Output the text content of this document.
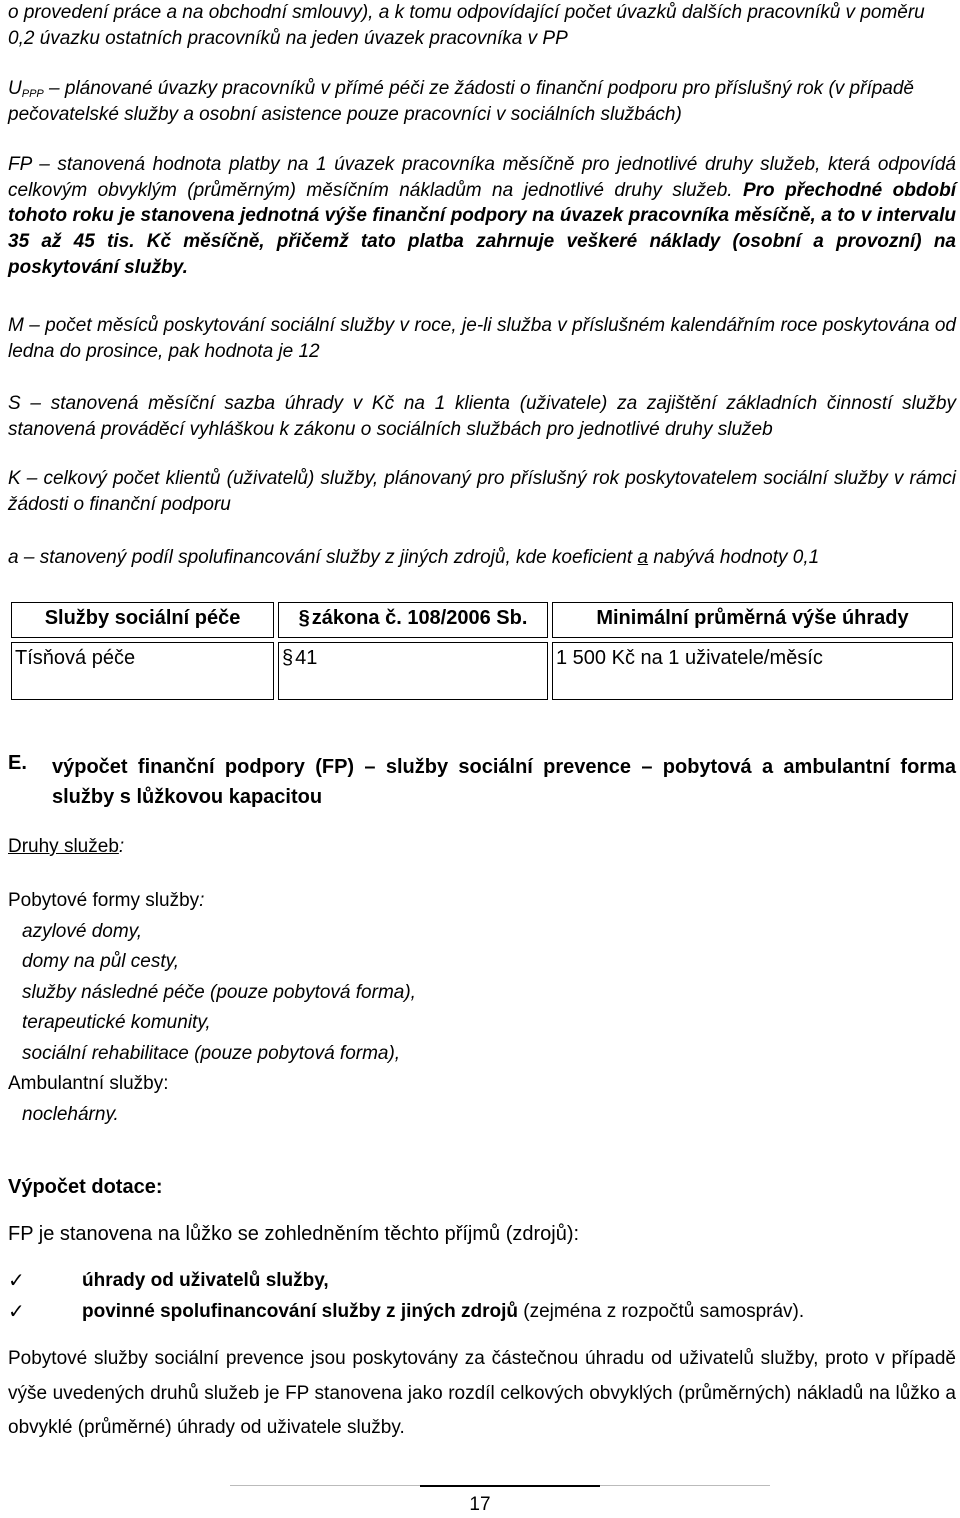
o provedení práce a na obchodní smlouvy), a k tomu odpovídající počet úvazků dalších pracovníků v poměru 0,2 úvazku ostatních pracovníků na jeden úvazek pracovníka v PP
$U_{PPP}$ – plánované úvazky pracovníků v přímé péči ze žádosti o finanční podporu pro příslušný rok (v případě pečovatelské služby a osobní asistence pouze pracovníci v sociálních službách)
FP – stanovená hodnota platby na 1 úvazek pracovníka měsíčně pro jednotlivé druhy služeb, která odpovídá celkovým obvyklým (průměrným) měsíčním nákladům na jednotlivé druhy služeb. Pro přechodné období tohoto roku je stanovena jednotná výše finanční podpory na úvazek pracovníka měsíčně, a to v intervalu 35 až 45 tis. Kč měsíčně, přičemž tato platba zahrnuje veškeré náklady (osobní a provozní) na poskytování služby.
M – počet měsíců poskytování sociální služby v roce, je-li služba v příslušném kalendářním roce poskytována od ledna do prosince, pak hodnota je 12
S – stanovená měsíční sazba úhrady v Kč na 1 klienta (uživatele) za zajištění základních činností služby stanovená prováděcí vyhláškou k zákonu o sociálních službách pro jednotlivé druhy služeb
K – celkový počet klientů (uživatelů) služby, plánovaný pro příslušný rok poskytovatelem sociální služby v rámci žádosti o finanční podporu
a – stanovený podíl spolufinancování služby z jiných zdrojů, kde koeficient a nabývá hodnoty 0,1
Služby sociální péče	§ zákona č. 108/2006 Sb.	Minimální průměrná výše úhrady
Tísňová péče	§ 41	1 500 Kč na 1 uživatele/měsíc
E. výpočet finanční podpory (FP) – služby sociální prevence – pobytová a ambulantní forma služby s lůžkovou kapacitou
Druhy služeb:
Pobytové formy služby:
azylové domy,
domy na půl cesty,
služby následné péče (pouze pobytová forma),
terapeutické komunity,
sociální rehabilitace (pouze pobytová forma),
Ambulantní služby:
noclehárny.
Výpočet dotace:
FP je stanovena na lůžko se zohledněním těchto příjmů (zdrojů):
✓	úhrady od uživatelů služby,
✓	povinné spolufinancování služby z jiných zdrojů (zejména z rozpočtů samospráv).
Pobytové služby sociální prevence jsou poskytovány za částečnou úhradu od uživatelů služby, proto v případě výše uvedených druhů služeb je FP stanovena jako rozdíl celkových obvyklých (průměrných) nákladů na lůžko a obvyklé (průměrné) úhrady od uživatele služby.
17
